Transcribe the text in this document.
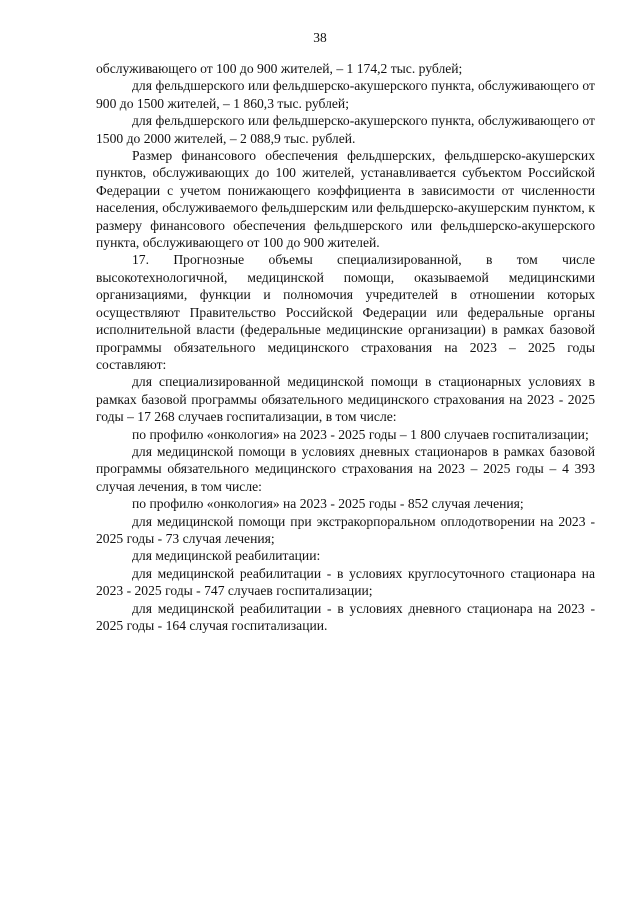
38

обслуживающего от 100 до 900 жителей, – 1 174,2 тыс. рублей;

для фельдшерского или фельдшерско-акушерского пункта, обслуживающего от 900 до 1500 жителей, – 1 860,3 тыс. рублей;

для фельдшерского или фельдшерско-акушерского пункта, обслуживающего от 1500 до 2000 жителей, – 2 088,9 тыс. рублей.

Размер финансового обеспечения фельдшерских, фельдшерско-акушерских пунктов, обслуживающих до 100 жителей, устанавливается субъектом Российской Федерации с учетом понижающего коэффициента в зависимости от численности населения, обслуживаемого фельдшерским или фельдшерско-акушерским пунктом, к размеру финансового обеспечения фельдшерского или фельдшерско-акушерского пункта, обслуживающего от 100 до 900 жителей.

17. Прогнозные объемы специализированной, в том числе высокотехнологичной, медицинской помощи, оказываемой медицинскими организациями, функции и полномочия учредителей в отношении которых осуществляют Правительство Российской Федерации или федеральные органы исполнительной власти (федеральные медицинские организации) в рамках базовой программы обязательного медицинского страхования на 2023 – 2025 годы составляют:

для специализированной медицинской помощи в стационарных условиях в рамках базовой программы обязательного медицинского страхования на 2023 - 2025 годы – 17 268 случаев госпитализации, в том числе:

по профилю «онкология» на 2023 - 2025 годы – 1 800 случаев госпитализации;

для медицинской помощи в условиях дневных стационаров в рамках базовой программы обязательного медицинского страхования на 2023 – 2025 годы – 4 393 случая лечения, в том числе:

по профилю «онкология» на 2023 - 2025 годы - 852 случая лечения;

для медицинской помощи при экстракорпоральном оплодотворении на 2023 - 2025 годы - 73 случая лечения;

для медицинской реабилитации:

для медицинской реабилитации - в условиях круглосуточного стационара на 2023 - 2025 годы - 747 случаев госпитализации;

для медицинской реабилитации - в условиях дневного стационара на 2023 - 2025 годы - 164 случая госпитализации.
